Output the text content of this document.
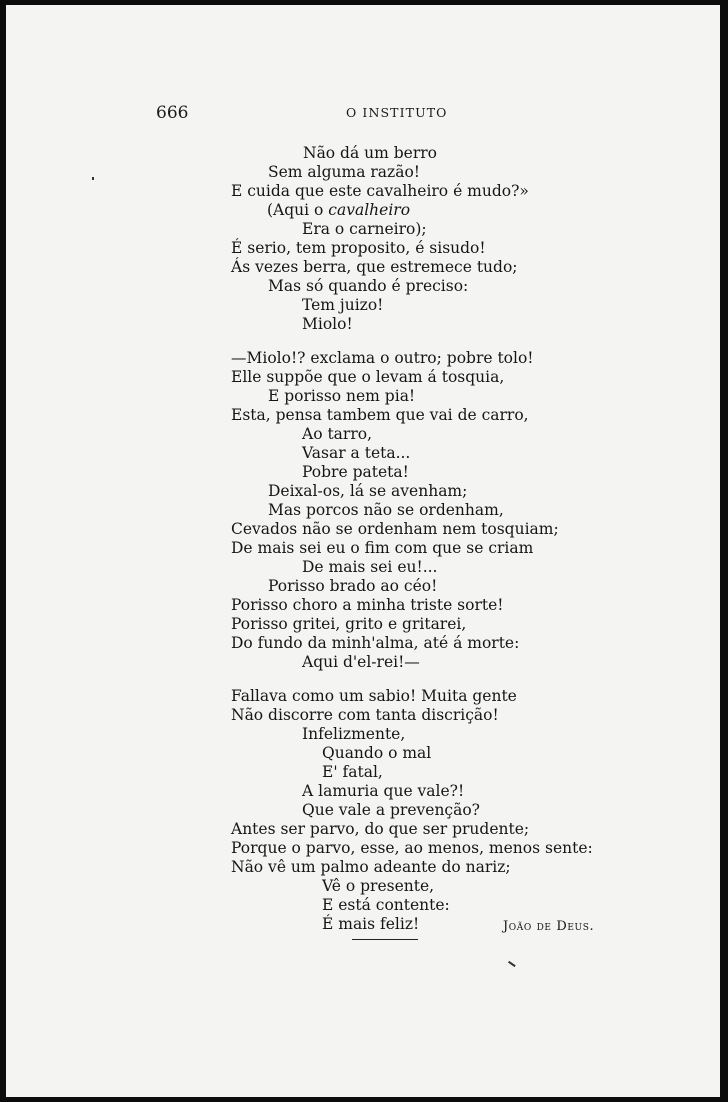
666	O INSTITUTO
Não dá um berro
Sem alguma razão!
E cuida que este cavalheiro é mudo?»
(Aqui o cavalheiro
Era o carneiro);
É serio, tem proposito, é sisudo!
Ás vezes berra, que estremece tudo;
Mas só quando é preciso:
Tem juizo!
Miolo!
—Miolo!? exclama o outro; pobre tolo!
Elle suppõe que o levam á tosquia,
E porisso nem pia!
Esta, pensa tambem que vai de carro,
Ao tarro,
Vasar a teta...
Pobre pateta!
Deixal-os, lá se avenham;
Mas porcos não se ordenham,
Cevados não se ordenham nem tosquiam;
De mais sei eu o fim com que se criam
De mais sei eu!...
Porisso brado ao céo!
Porisso choro a minha triste sorte!
Porisso gritei, grito e gritarei,
Do fundo da minh'alma, até á morte:
Aqui d'el-rei!—
Fallava como um sabio! Muita gente
Não discorre com tanta discrição!
Infelizmente,
Quando o mal
E' fatal,
A lamuria que vale?!
Que vale a prevenção?
Antes ser parvo, do que ser prudente;
Porque o parvo, esse, ao menos, menos sente:
Não vê um palmo adeante do nariz;
Vê o presente,
E está contente:
É mais feliz!	João de Deus.
